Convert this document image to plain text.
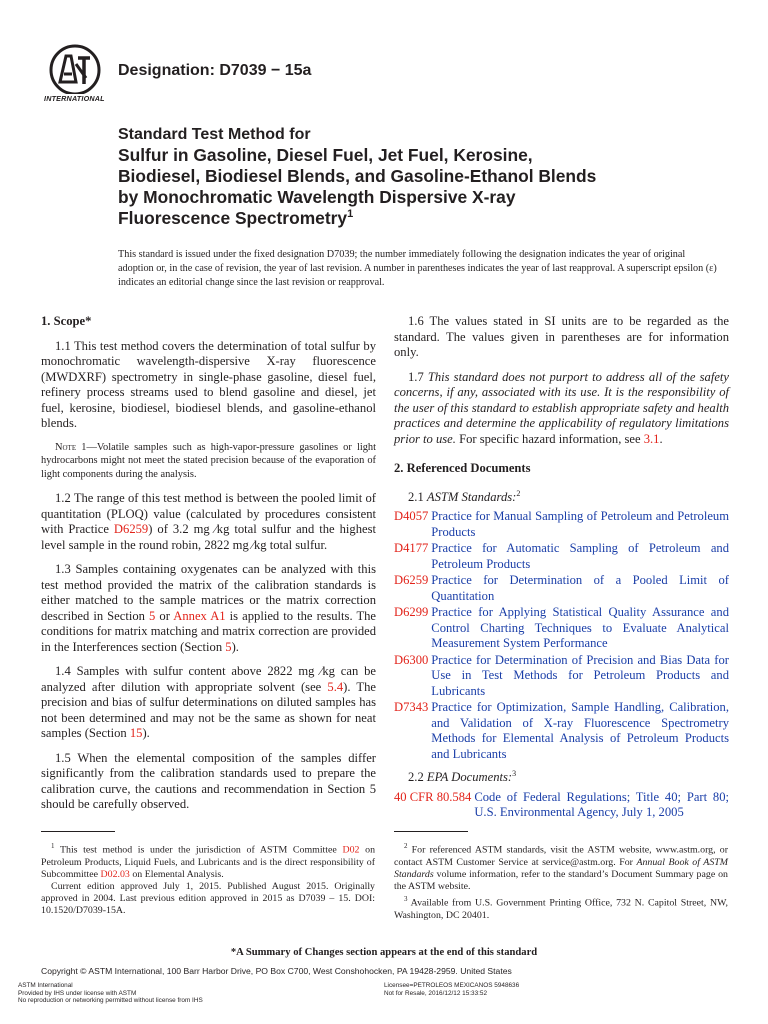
INTERNATIONAL
Designation: D7039 − 15a
Standard Test Method for
Sulfur in Gasoline, Diesel Fuel, Jet Fuel, Kerosine,
Biodiesel, Biodiesel Blends, and Gasoline-Ethanol Blends
by Monochromatic Wavelength Dispersive X-ray
Fluorescence Spectrometry$^1$
This standard is issued under the fixed designation D7039; the number immediately following the designation indicates the year of original adoption or, in the case of revision, the year of last revision. A number in parentheses indicates the year of last reapproval. A superscript epsilon (ε) indicates an editorial change since the last revision or reapproval.
1. Scope*

1.1 This test method covers the determination of total sulfur by monochromatic wavelength-dispersive X-ray fluorescence (MWDXRF) spectrometry in single-phase gasoline, diesel fuel, refinery process streams used to blend gasoline and diesel, jet fuel, kerosine, biodiesel, biodiesel blends, and gasoline-ethanol blends.

Note 1—Volatile samples such as high-vapor-pressure gasolines or light hydrocarbons might not meet the stated precision because of the evaporation of light components during the analysis.

1.2 The range of this test method is between the pooled limit of quantitation (PLOQ) value (calculated by procedures consistent with Practice D6259) of 3.2 mg ⁄kg total sulfur and the highest level sample in the round robin, 2822 mg ⁄kg total sulfur.

1.3 Samples containing oxygenates can be analyzed with this test method provided the matrix of the calibration standards is either matched to the sample matrices or the matrix correction described in Section 5 or Annex A1 is applied to the results. The conditions for matrix matching and matrix correction are provided in the Interferences section (Section 5).

1.4 Samples with sulfur content above 2822 mg ⁄kg can be analyzed after dilution with appropriate solvent (see 5.4). The precision and bias of sulfur determinations on diluted samples has not been determined and may not be the same as shown for neat samples (Section 15).

1.5 When the elemental composition of the samples differ significantly from the calibration standards used to prepare the calibration curve, the cautions and recommendation in Section 5 should be carefully observed.

1.6 The values stated in SI units are to be regarded as the standard. The values given in parentheses are for information only.

1.7 This standard does not purport to address all of the safety concerns, if any, associated with its use. It is the responsibility of the user of this standard to establish appropriate safety and health practices and determine the applicability of regulatory limitations prior to use. For specific hazard information, see 3.1.

2. Referenced Documents
2.1 ASTM Standards:$^2$
D4057 Practice for Manual Sampling of Petroleum and Petroleum Products
D4177 Practice for Automatic Sampling of Petroleum and Petroleum Products
D6259 Practice for Determination of a Pooled Limit of Quantitation
D6299 Practice for Applying Statistical Quality Assurance and Control Charting Techniques to Evaluate Analytical Measurement System Performance
D6300 Practice for Determination of Precision and Bias Data for Use in Test Methods for Petroleum Products and Lubricants
D7343 Practice for Optimization, Sample Handling, Calibration, and Validation of X-ray Fluorescence Spectrometry Methods for Elemental Analysis of Petroleum Products and Lubricants
2.2 EPA Documents:$^3$
40 CFR 80.584 Code of Federal Regulations; Title 40; Part 80; U.S. Environmental Agency, July 1, 2005

$^1$ This test method is under the jurisdiction of ASTM Committee D02 on Petroleum Products, Liquid Fuels, and Lubricants and is the direct responsibility of Subcommittee D02.03 on Elemental Analysis.

Current edition approved July 1, 2015. Published August 2015. Originally approved in 2004. Last previous edition approved in 2015 as D7039 – 15. DOI: 10.1520/D7039-15A.

$^2$ For referenced ASTM standards, visit the ASTM website, www.astm.org, or contact ASTM Customer Service at service@astm.org. For Annual Book of ASTM Standards volume information, refer to the standard’s Document Summary page on the ASTM website.

$^3$ Available from U.S. Government Printing Office, 732 N. Capitol Street, NW, Washington, DC 20401.

*A Summary of Changes section appears at the end of this standard
Copyright © ASTM International, 100 Barr Harbor Drive, PO Box C700, West Conshohocken, PA 19428-2959. United States
ASTM International
Provided by IHS under license with ASTM
No reproduction or networking permitted without license from IHS
Licensee=PETROLEOS MEXICANOS 5948636
Not for Resale, 2016/12/12 15:33:52
